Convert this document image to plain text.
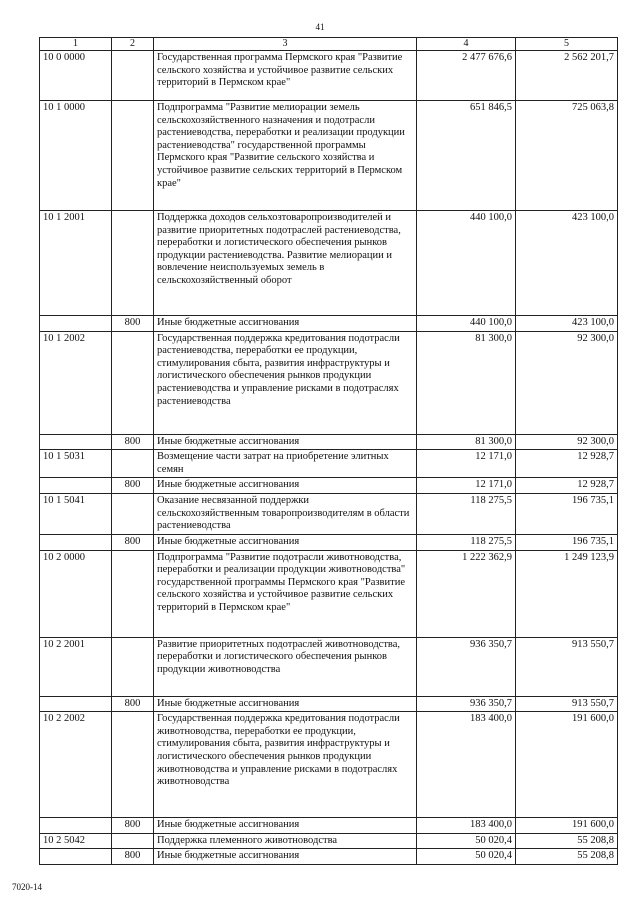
41
1	2	3	4	5
10 0 0000		Государственная программа Пермского края "Развитие сельского хозяйства и устойчивое развитие сельских территорий в Пермском крае"	2 477 676,6	2 562 201,7
10 1 0000		Подпрограмма "Развитие мелиорации земель сельскохозяйственного назначения и подотрасли растениеводства, переработки и реализации продукции растениеводства" государственной программы Пермского края "Развитие сельского хозяйства и устойчивое развитие сельских территорий в Пермском крае"	651 846,5	725 063,8
10 1 2001		Поддержка доходов сельхозтоваропроизводителей и развитие приоритетных подотраслей растениеводства, переработки и логистического обеспечения рынков продукции растениеводства. Развитие мелиорации и вовлечение неиспользуемых земель в сельскохозяйственный оборот	440 100,0	423 100,0
	800	Иные бюджетные ассигнования	440 100,0	423 100,0
10 1 2002		Государственная поддержка кредитования подотрасли растениеводства, переработки ее продукции, стимулирования сбыта, развития инфраструктуры и логистического обеспечения рынков продукции растениеводства и управление рисками в подотраслях растениеводства	81 300,0	92 300,0
	800	Иные бюджетные ассигнования	81 300,0	92 300,0
10 1 5031		Возмещение части затрат на приобретение элитных семян	12 171,0	12 928,7
	800	Иные бюджетные ассигнования	12 171,0	12 928,7
10 1 5041		Оказание несвязанной поддержки сельскохозяйственным товаропроизводителям в области растениеводства	118 275,5	196 735,1
	800	Иные бюджетные ассигнования	118 275,5	196 735,1
10 2 0000		Подпрограмма "Развитие подотрасли животноводства, переработки и реализации продукции животноводства" государственной программы Пермского края "Развитие сельского хозяйства и устойчивое развитие сельских территорий в Пермском крае"	1 222 362,9	1 249 123,9
10 2 2001		Развитие приоритетных подотраслей животноводства, переработки и логистического обеспечения рынков продукции животноводства	936 350,7	913 550,7
	800	Иные бюджетные ассигнования	936 350,7	913 550,7
10 2 2002		Государственная поддержка кредитования подотрасли животноводства, переработки ее продукции, стимулирования сбыта, развития инфраструктуры и логистического обеспечения рынков продукции животноводства и управление рисками в подотраслях животноводства	183 400,0	191 600,0
	800	Иные бюджетные ассигнования	183 400,0	191 600,0
10 2 5042		Поддержка племенного животноводства	50 020,4	55 208,8
	800	Иные бюджетные ассигнования	50 020,4	55 208,8
7020-14
